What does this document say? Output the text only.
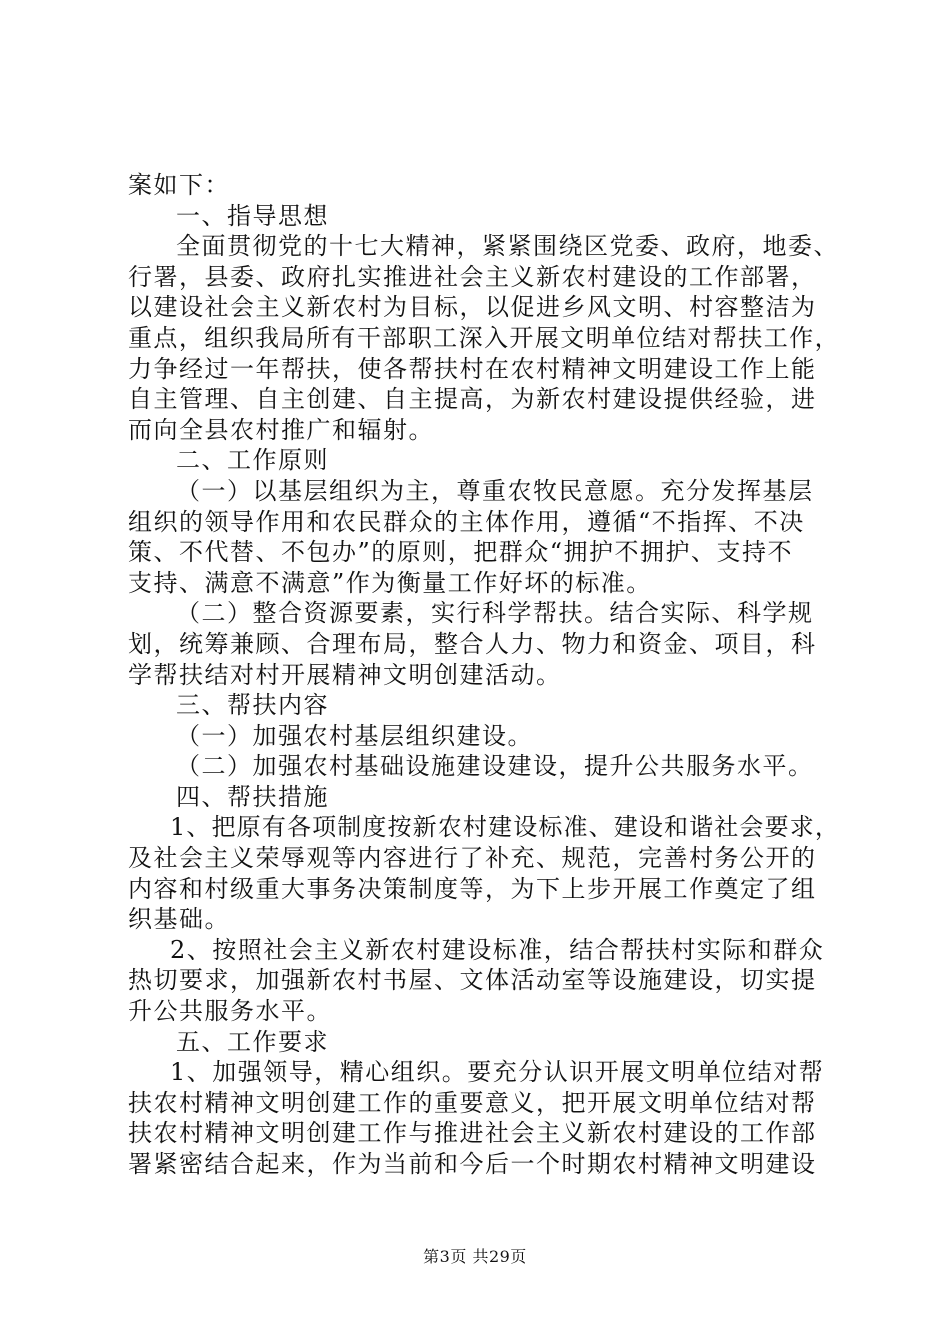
案如下：
一、指导思想
全面贯彻党的十七大精神，紧紧围绕区党委、政府，地委、
行署，县委、政府扎实推进社会主义新农村建设的工作部署，
以建设社会主义新农村为目标，以促进乡风文明、村容整洁为
重点，组织我局所有干部职工深入开展文明单位结对帮扶工作，
力争经过一年帮扶，使各帮扶村在农村精神文明建设工作上能
自主管理、自主创建、自主提高，为新农村建设提供经验，进
而向全县农村推广和辐射。
二、工作原则
（一）以基层组织为主，尊重农牧民意愿。充分发挥基层
组织的领导作用和农民群众的主体作用，遵循“不指挥、不决
策、不代替、不包办”的原则，把群众“拥护不拥护、支持不
支持、满意不满意”作为衡量工作好坏的标准。
（二）整合资源要素，实行科学帮扶。结合实际、科学规
划，统筹兼顾、合理布局，整合人力、物力和资金、项目，科
学帮扶结对村开展精神文明创建活动。
三、帮扶内容
（一）加强农村基层组织建设。
（二）加强农村基础设施建设建设，提升公共服务水平。
四、帮扶措施
1、把原有各项制度按新农村建设标准、建设和谐社会要求，
及社会主义荣辱观等内容进行了补充、规范，完善村务公开的
内容和村级重大事务决策制度等，为下上步开展工作奠定了组
织基础。
2、按照社会主义新农村建设标准，结合帮扶村实际和群众
热切要求，加强新农村书屋、文体活动室等设施建设，切实提
升公共服务水平。
五、工作要求
1、加强领导，精心组织。要充分认识开展文明单位结对帮
扶农村精神文明创建工作的重要意义，把开展文明单位结对帮
扶农村精神文明创建工作与推进社会主义新农村建设的工作部
署紧密结合起来，作为当前和今后一个时期农村精神文明建设
第3页 共29页
